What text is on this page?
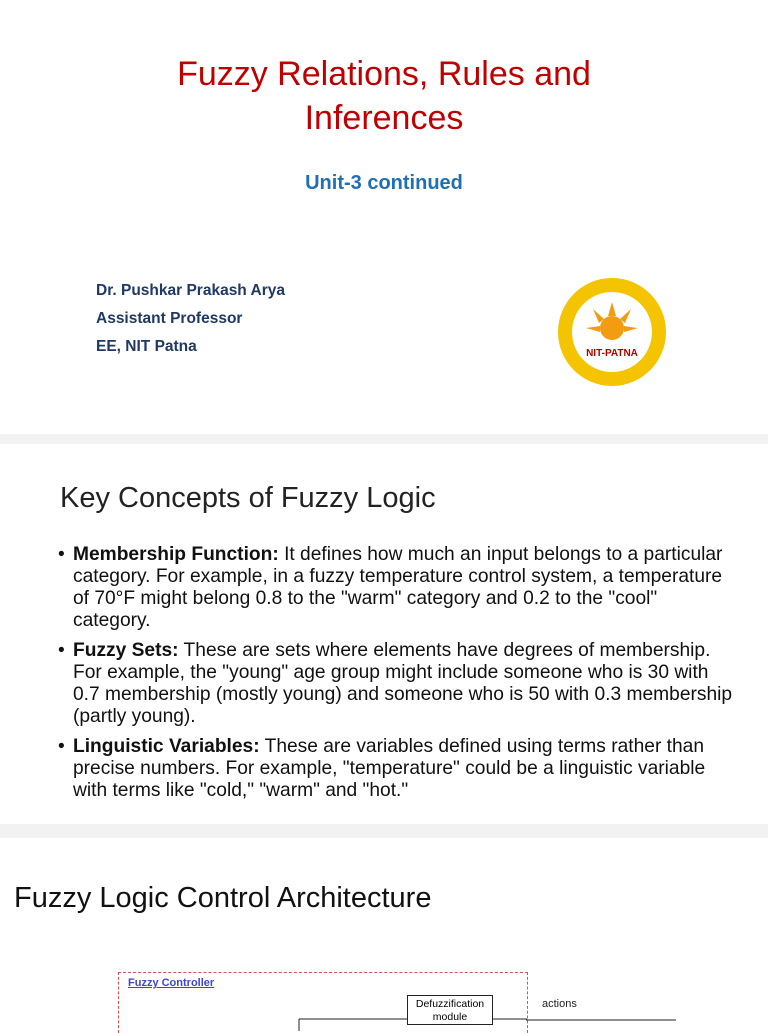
Fuzzy Relations, Rules and
Inferences
Unit-3 continued
Dr. Pushkar Prakash Arya
Assistant Professor
EE, NIT Patna	NIT-PATNA
Key Concepts of Fuzzy Logic
• Membership Function: It defines how much an input belongs to a particular category. For example, in a fuzzy temperature control system, a temperature of 70°F might belong 0.8 to the "warm" category and 0.2 to the "cool" category.
• Fuzzy Sets: These are sets where elements have degrees of membership. For example, the "young" age group might include someone who is 30 with 0.7 membership (mostly young) and someone who is 50 with 0.3 membership (partly young).
• Linguistic Variables: These are variables defined using terms rather than precise numbers. For example, "temperature" could be a linguistic variable with terms like "cold," "warm" and "hot."
Fuzzy Logic Control Architecture
Fuzzy Controller
Defuzzification
module
actions
